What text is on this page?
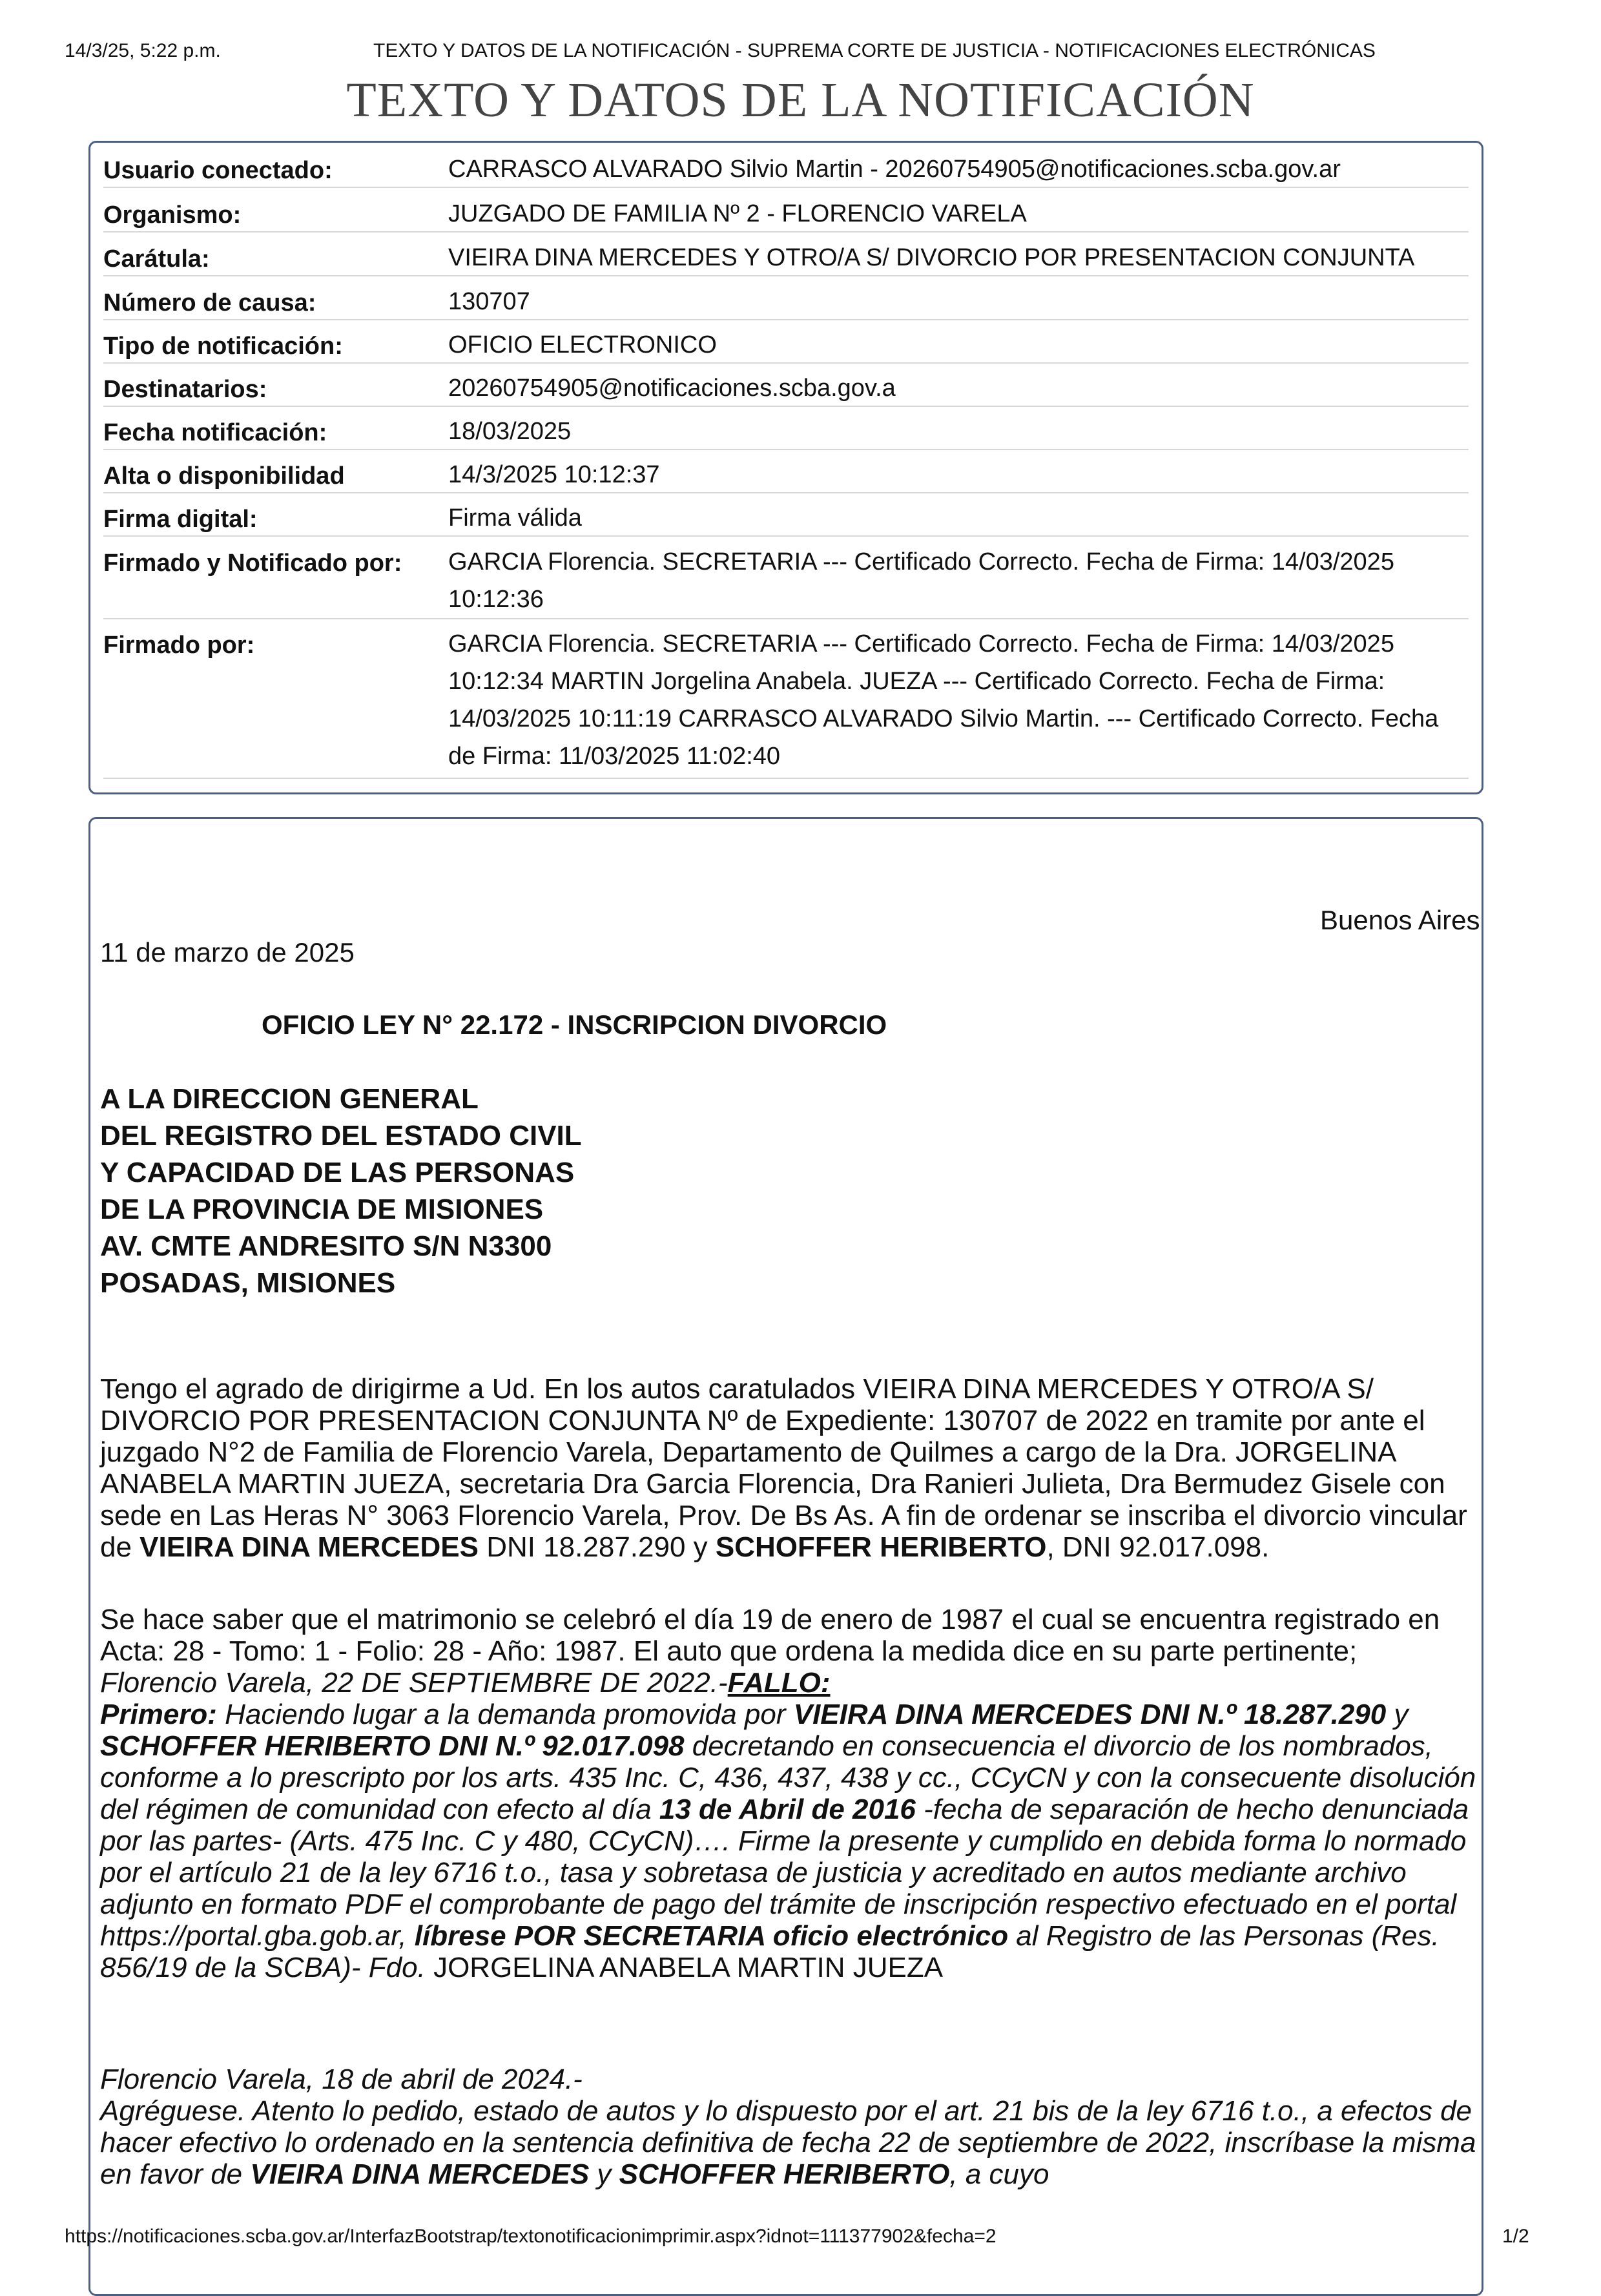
14/3/25, 5:22 p.m.	TEXTO Y DATOS DE LA NOTIFICACIÓN - SUPREMA CORTE DE JUSTICIA - NOTIFICACIONES ELECTRÓNICAS
TEXTO Y DATOS DE LA NOTIFICACIÓN
Usuario conectado:	CARRASCO ALVARADO Silvio Martin - 20260754905@notificaciones.scba.gov.ar
Organismo:	JUZGADO DE FAMILIA Nº 2 - FLORENCIO VARELA
Carátula:	VIEIRA DINA MERCEDES Y OTRO/A S/ DIVORCIO POR PRESENTACION CONJUNTA
Número de causa:	130707
Tipo de notificación:	OFICIO ELECTRONICO
Destinatarios:	20260754905@notificaciones.scba.gov.a
Fecha notificación:	18/03/2025
Alta o disponibilidad	14/3/2025 10:12:37
Firma digital:	Firma válida
Firmado y Notificado por: GARCIA Florencia. SECRETARIA --- Certificado Correcto. Fecha de Firma: 14/03/2025 10:12:36
Firmado por:	GARCIA Florencia. SECRETARIA --- Certificado Correcto. Fecha de Firma: 14/03/2025 10:12:34 MARTIN Jorgelina Anabela. JUEZA --- Certificado Correcto. Fecha de Firma: 14/03/2025 10:11:19 CARRASCO ALVARADO Silvio Martin. --- Certificado Correcto. Fecha de Firma: 11/03/2025 11:02:40
Buenos Aires
11 de marzo de 2025
OFICIO LEY N° 22.172 - INSCRIPCION DIVORCIO
A LA DIRECCION GENERAL
DEL REGISTRO DEL ESTADO CIVIL
Y CAPACIDAD DE LAS PERSONAS
DE LA PROVINCIA DE MISIONES
AV. CMTE ANDRESITO S/N N3300
POSADAS, MISIONES
Tengo el agrado de dirigirme a Ud. En los autos caratulados VIEIRA DINA MERCEDES Y OTRO/A S/ DIVORCIO POR PRESENTACION CONJUNTA Nº de Expediente: 130707 de 2022 en tramite por ante el juzgado N°2 de Familia de Florencio Varela, Departamento de Quilmes a cargo de la Dra. JORGELINA ANABELA MARTIN JUEZA, secretaria Dra Garcia Florencia, Dra Ranieri Julieta, Dra Bermudez Gisele con sede en Las Heras N° 3063 Florencio Varela, Prov. De Bs As. A fin de ordenar se inscriba el divorcio vincular de VIEIRA DINA MERCEDES DNI 18.287.290 y SCHOFFER HERIBERTO, DNI 92.017.098.
Se hace saber que el matrimonio se celebró el día 19 de enero de 1987 el cual se encuentra registrado en Acta: 28 - Tomo: 1 - Folio: 28 - Año: 1987. El auto que ordena la medida dice en su parte pertinente;
Florencio Varela, 22 DE SEPTIEMBRE DE 2022.-FALLO:
Primero: Haciendo lugar a la demanda promovida por VIEIRA DINA MERCEDES DNI N.º 18.287.290 y SCHOFFER HERIBERTO DNI N.º 92.017.098 decretando en consecuencia el divorcio de los nombrados, conforme a lo prescripto por los arts. 435 Inc. C, 436, 437, 438 y cc., CCyCN y con la consecuente disolución del régimen de comunidad con efecto al día 13 de Abril de 2016 -fecha de separación de hecho denunciada por las partes- (Arts. 475 Inc. C y 480, CCyCN)…. Firme la presente y cumplido en debida forma lo normado por el artículo 21 de la ley 6716 t.o., tasa y sobretasa de justicia y acreditado en autos mediante archivo adjunto en formato PDF el comprobante de pago del trámite de inscripción respectivo efectuado en el portal https://portal.gba.gob.ar, líbrese POR SECRETARIA oficio electrónico al Registro de las Personas (Res. 856/19 de la SCBA)- Fdo. JORGELINA ANABELA MARTIN JUEZA
Florencio Varela, 18 de abril de 2024.-
Agréguese. Atento lo pedido, estado de autos y lo dispuesto por el art. 21 bis de la ley 6716 t.o., a efectos de hacer efectivo lo ordenado en la sentencia definitiva de fecha 22 de septiembre de 2022, inscríbase la misma en favor de VIEIRA DINA MERCEDES y SCHOFFER HERIBERTO, a cuyo
https://notificaciones.scba.gov.ar/InterfazBootstrap/textonotificacionimprimir.aspx?idnot=111377902&fecha=2	1/2
